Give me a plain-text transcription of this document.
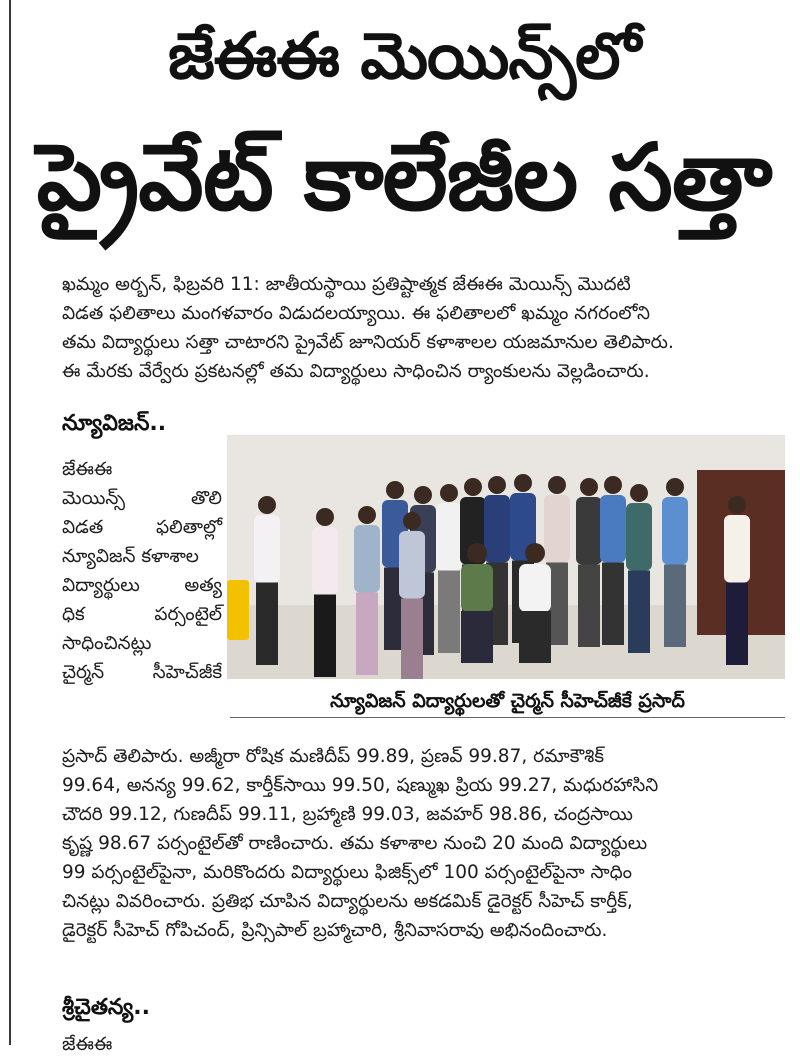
జేఈఈ మెయిన్స్‌లో
ప్రైవేట్ కాలేజీల సత్తా
ఖమ్మం అర్బన్, ఫిబ్రవరి 11: జాతీయస్థాయి ప్రతిష్టాత్మక జేఈఈ మెయిన్స్ మొదటి
విడత ఫలితాలు మంగళవారం విడుదలయ్యాయి. ఈ ఫలితాలలో ఖమ్మం నగరంలోని
తమ విద్యార్థులు సత్తా చాటారని ప్రైవేట్ జూనియర్ కళాశాలల యజమానుల తెలిపారు.
ఈ మేరకు వేర్వేరు ప్రకటనల్లో తమ విద్యార్థులు సాధించిన ర్యాంకులను వెల్లడించారు.
న్యూవిజన్..
జేఈఈ
మెయిన్స్	తొలి
విడత	ఫలితాల్లో
న్యూవిజన్ కళాశాల
విద్యార్థులు అత్య
ధిక	పర్సంటైల్
సాధించినట్లు
చైర్మన్	సీహెచ్‌జీకే
న్యూవిజన్ విద్యార్థులతో చైర్మన్ సీహెచ్‌జీకే ప్రసాద్
ప్రసాద్ తెలిపారు. అజ్మీరా రోషిక మణిదీప్ 99.89, ప్రణవ్ 99.87, రమాకౌశిక్
99.64, అనన్య 99.62, కార్తీక్‌సాయి 99.50, షణ్ముఖ ప్రియ 99.27, మధురహాసిని
చౌదరి 99.12, గుణదీప్ 99.11, బ్రహ్మాణి 99.03, జవహర్ 98.86, చంద్రసాయి
కృష్ణ 98.67 పర్సంటైల్‌తో రాణించారు. తమ కళాశాల నుంచి 20 మంది విద్యార్థులు
99 పర్సంటైల్‌పైనా, మరికొందరు విద్యార్థులు ఫిజిక్స్‌లో 100 పర్సంటైల్‌పైనా సాధిం
చినట్లు వివరించారు. ప్రతిభ చూపిన విద్యార్థులను అకడమిక్ డైరెక్టర్ సీహెచ్ కార్తీక్,
డైరెక్టర్ సీహెచ్ గోపిచంద్, ప్రిన్సిపాల్ బ్రహ్మాచారి, శ్రీనివాసరావు అభినందించారు.
శ్రీచైతన్య..
జేఈఈ
